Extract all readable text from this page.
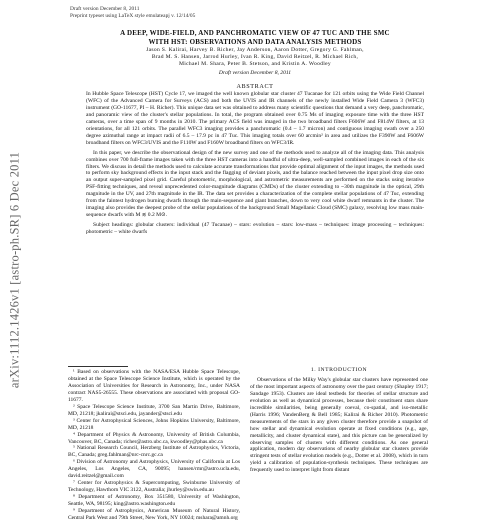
arXiv:1112.1426v1 [astro-ph.SR] 6 Dec 2011
Draft version December 8, 2011
Preprint typeset using LaTeX style emulateapj v. 12/14/05
A DEEP, WIDE-FIELD, AND PANCHROMATIC VIEW OF 47 TUC AND THE SMC
WITH HST: OBSERVATIONS AND DATA ANALYSIS METHODS
Jason S. Kalirai, Harvey B. Richer, Jay Anderson, Aaron Dotter, Gregory G. Fahlman,
Brad M. S. Hansen, Jarrod Hurley, Ivan R. King, David Reitzel, R. Michael Rich,
Michael M. Shara, Peter B. Stetson, and Kristin A. Woodley
Draft version December 8, 2011
ABSTRACT

In Hubble Space Telescope (HST) Cycle 17, we imaged the well known globular star cluster 47 Tucanae for 121 orbits using the Wide Field Channel (WFC) of the Advanced Camera for Surveys (ACS) and both the UVIS and IR channels of the newly installed Wide Field Camera 3 (WFC3) instrument (GO-11677, PI – H. Richer). This unique data set was obtained to address many scientific questions that demand a very deep, panchromatic, and panoramic view of the cluster's stellar populations. In total, the program obtained over 0.75 Ms of imaging exposure time with the three HST cameras, over a time span of 9 months in 2010. The primary ACS field was imaged in the two broadband filters F606W and F814W filters, at 13 orientations, for all 121 orbits. The parallel WFC3 imaging provides a panchromatic (0.4 – 1.7 micron) and contiguous imaging swath over a 250 degree azimuthal range at impact radii of 6.5 – 17.9 pc in 47 Tuc. This imaging totals over 60 arcmin² in area and utilizes the F390W and F606W broadband filters on WFC3/UVIS and the F110W and F160W broadband filters on WFC3/IR.

In this paper, we describe the observational design of the new survey and one of the methods used to analyze all of the imaging data. This analysis combines over 700 full-frame images taken with the three HST cameras into a handful of ultra-deep, well-sampled combined images in each of the six filters. We discuss in detail the methods used to calculate accurate transformations that provide optimal alignment of the input images, the methods used to perform sky background effects in the input stack and the flagging of deviant pixels, and the balance reached between the input pixel drop size onto an output super-sampled pixel grid. Careful photometric, morphological, and astrometric measurements are performed on the stacks using iterative PSF-fitting techniques, and reveal unprecedented color-magnitude diagrams (CMDs) of the cluster extending to ~30th magnitude in the optical, 29th magnitude in the UV, and 27th magnitude in the IR. The data set provides a characterization of the complete stellar populations of 47 Tuc, extending from the faintest hydrogen burning dwarfs through the main-sequence and giant branches, down to very cool white dwarf remnants in the cluster. The imaging also provides the deepest probe of the stellar populations of the background Small Magellanic Cloud (SMC) galaxy, resolving low mass main-sequence dwarfs with M ≲ 0.2 M⊙.

Subject headings: globular clusters: individual (47 Tucanae) – stars: evolution – stars: low-mass – techniques: image processing – techniques: photometric – white dwarfs

¹ Based on observations with the NASA/ESA Hubble Space Telescope, obtained at the Space Telescope Science Institute, which is operated by the Association of Universities for Research in Astronomy, Inc., under NASA contract NAS5-26555. These observations are associated with proposal GO-11677.

² Space Telescope Science Institute, 3700 San Martin Drive, Baltimore, MD, 21218; jkalirai@stsci.edu, jayander@stsci.edu

³ Center for Astrophysical Sciences, Johns Hopkins University, Baltimore, MD, 21218

⁴ Department of Physics & Astronomy, University of British Columbia, Vancouver, BC, Canada; richer@astro.ubc.ca, kwoodley@phas.ubc.ca

⁵ National Research Council, Herzberg Institute of Astrophysics, Victoria, BC, Canada; greg.fahlman@nrc-cnrc.gc.ca

⁶ Division of Astronomy and Astrophysics, University of California at Los Angeles, Los Angeles, CA, 90095; hansen/rmr@astro.ucla.edu, david.reitzel@gmail.com

⁷ Center for Astrophysics & Supercomputing, Swinburne University of Technology, Hawthorn VIC 3122, Australia; jhurley@swin.edu.au

⁸ Department of Astronomy, Box 351580, University of Washington, Seattle, WA, 98195; king@astro.washington.edu

⁹ Department of Astrophysics, American Museum of Natural History, Central Park West and 79th Street, New York, NY 10024; mshara@amnh.org

1. INTRODUCTION

Observations of the Milky Way's globular star clusters have represented one of the most important aspects of astronomy over the past century (Shapley 1917; Sandage 1953). Clusters are ideal testbeds for theories of stellar structure and evolution as well as dynamical processes, because their constituent stars share incredible similarities, being generally coeval, co-spatial, and iso-metallic (Harris 1996; VandenBerg & Bell 1985; Kalirai & Richer 2010). Photometric measurements of the stars in any given cluster therefore provide a snapshot of how stellar and dynamical evolution operate at fixed conditions (e.g., age, metallicity, and cluster dynamical state), and this picture can be generalized by observing samples of clusters with different conditions. As one general application, modern day observations of nearby globular star clusters provide stringent tests of stellar evolution models (e.g., Dotter et al. 2008), which in turn yield a calibration of population-synthesis techniques. These techniques are frequently used to interpret light from distant
